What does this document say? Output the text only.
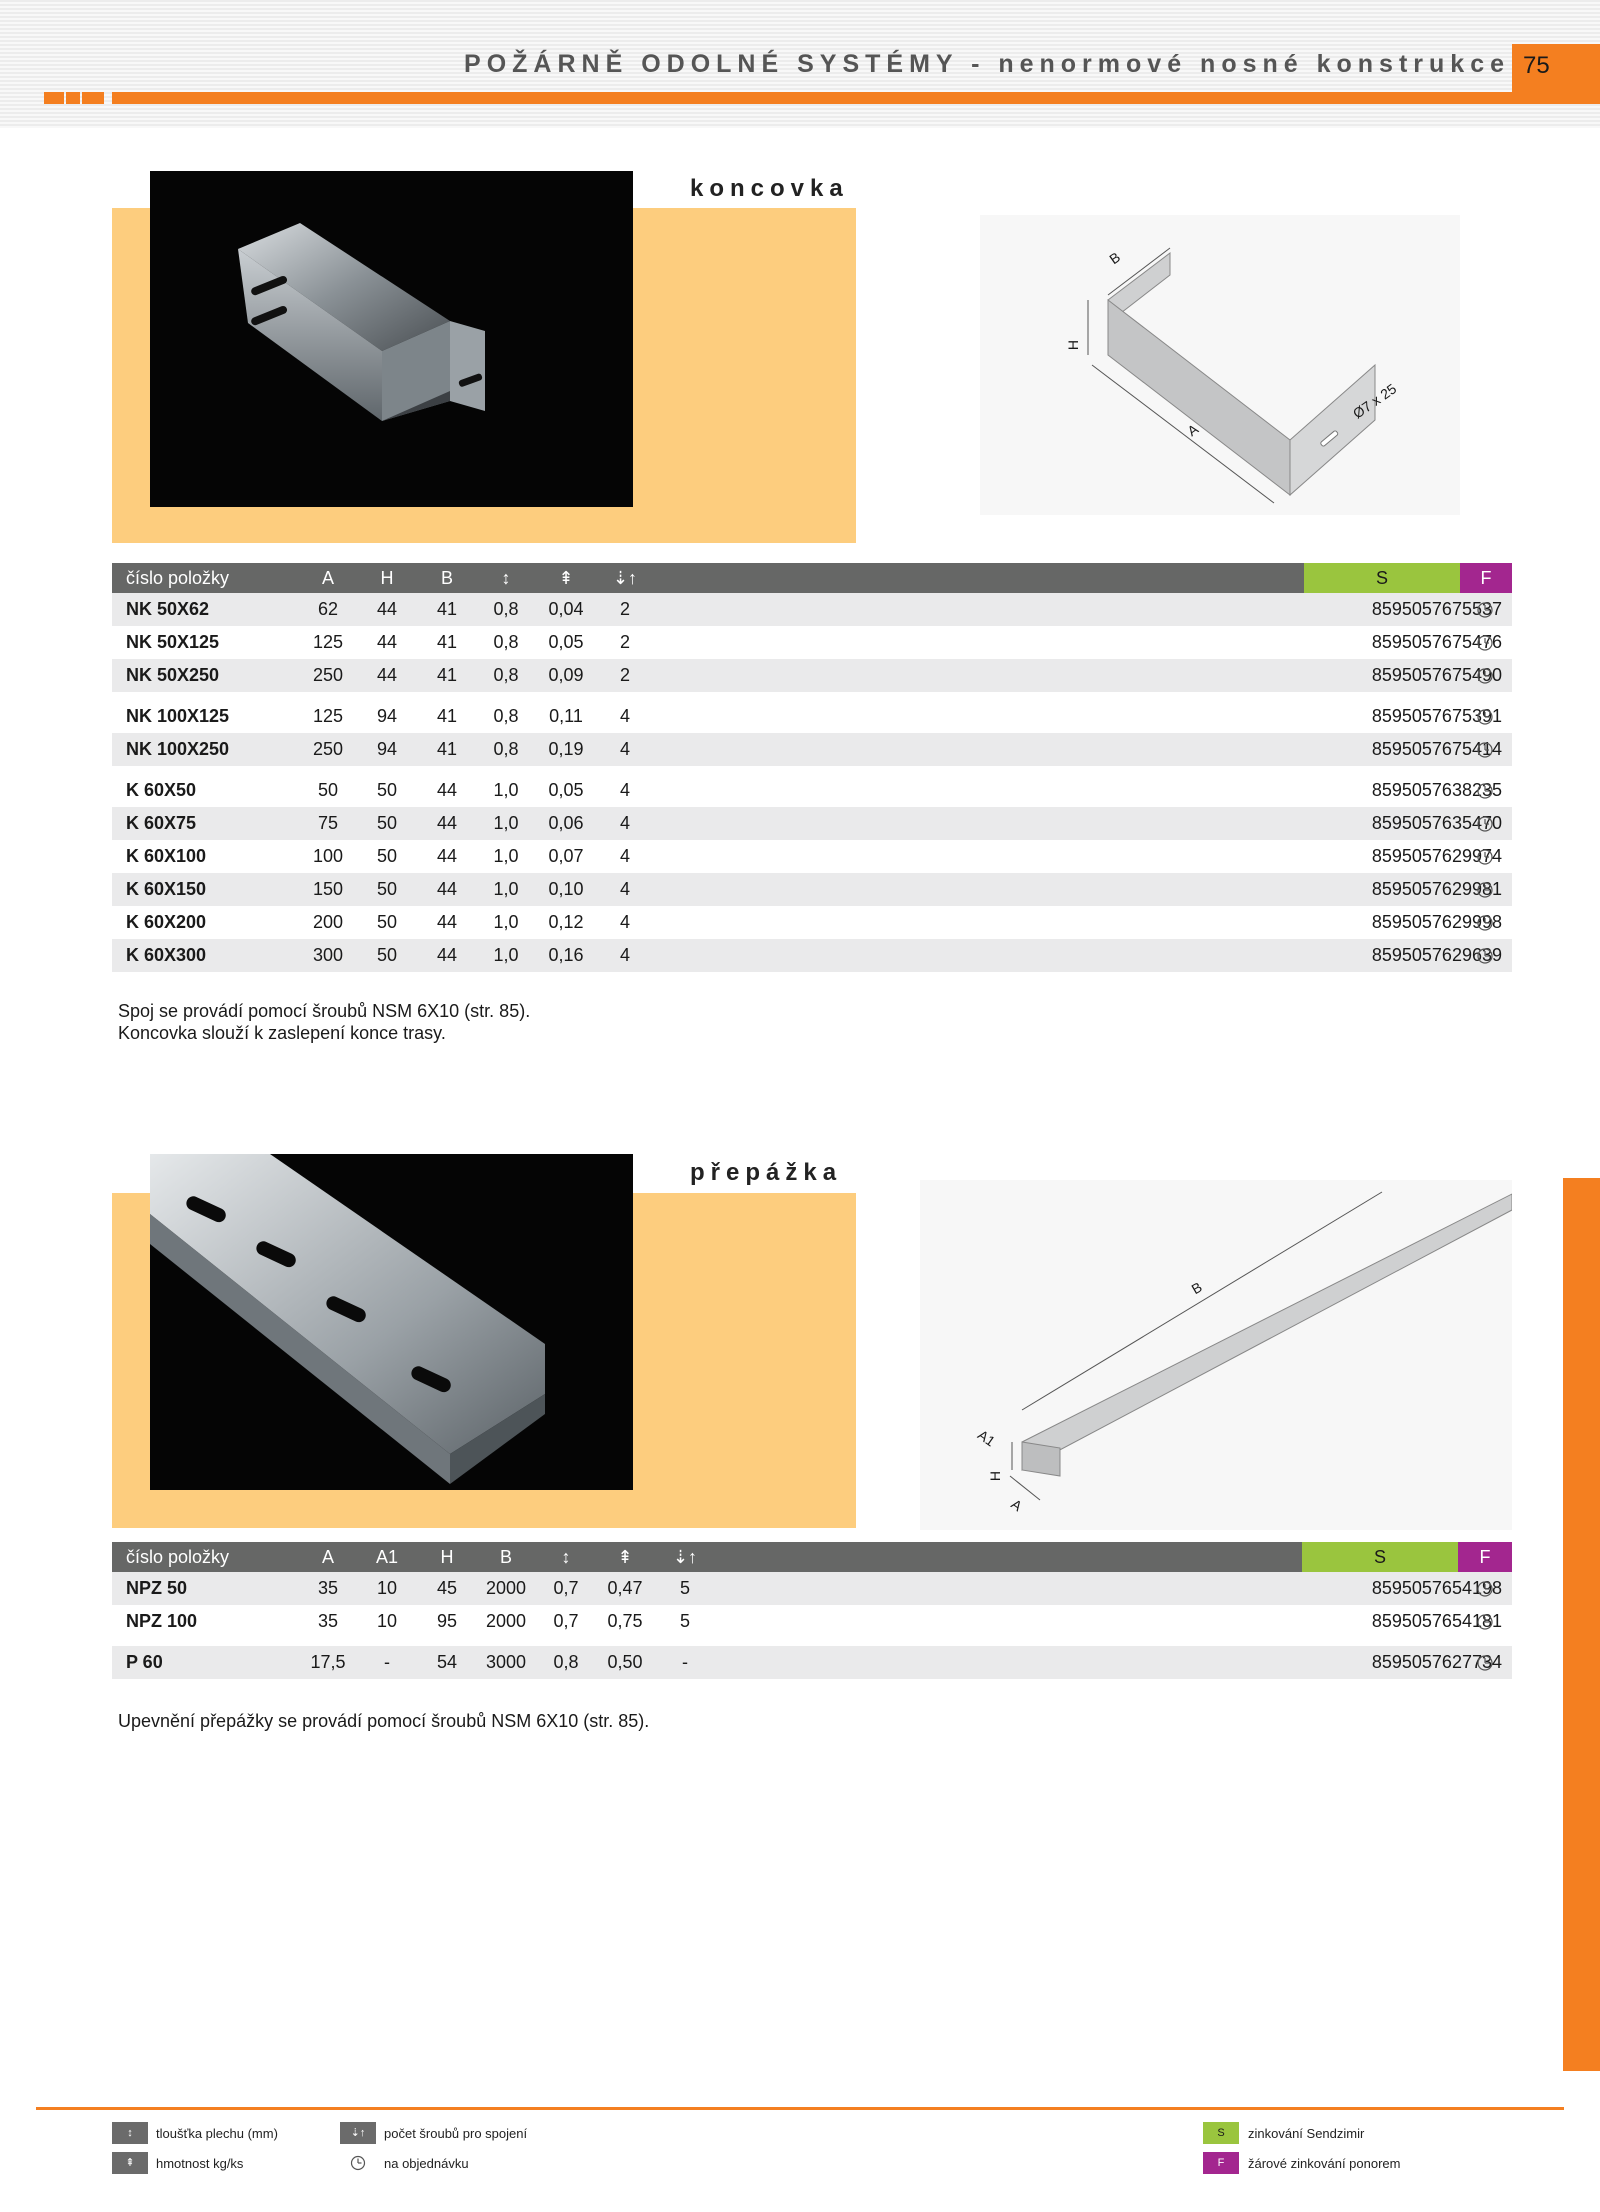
POŽÁRNĚ ODOLNÉ SYSTÉMY - nenormové nosné konstrukce 75
koncovka
B
H
A
Ø7 x 25
číslo položky	A	H	B	↕	⇞	⇣↑	S	F
NK 50X62	62	44	41	0,8	0,04	2	8595057675537
NK 50X125	125	44	41	0,8	0,05	2	8595057675476
NK 50X250	250	44	41	0,8	0,09	2	8595057675490
NK 100X125	125	94	41	0,8	0,11	4	8595057675391
NK 100X250	250	94	41	0,8	0,19	4	8595057675414
K 60X50	50	50	44	1,0	0,05	4	8595057638235
K 60X75	75	50	44	1,0	0,06	4	8595057635470
K 60X100	100	50	44	1,0	0,07	4	8595057629974
K 60X150	150	50	44	1,0	0,10	4	8595057629981
K 60X200	200	50	44	1,0	0,12	4	8595057629998
K 60X300	300	50	44	1,0	0,16	4	8595057629639
Spoj se provádí pomocí šroubů NSM 6X10 (str. 85).
Koncovka slouží k zaslepení konce trasy.
přepážka
B
A1
H
A
číslo položky	A	A1	H	B	↕	⇞	⇣↑	S	F
NPZ 50	35	10	45	2000	0,7	0,47	5	8595057654198
NPZ 100	35	10	95	2000	0,7	0,75	5	8595057654181
P 60	17,5	-	54	3000	0,8	0,50	-	8595057627734
Upevnění přepážky se provádí pomocí šroubů NSM 6X10 (str. 85).
↕	tloušťka plechu (mm)
⇞	hmotnost kg/ks
⇣↑	počet šroubů pro spojení
na objednávku
S	zinkování Sendzimir
F	žárové zinkování ponorem
